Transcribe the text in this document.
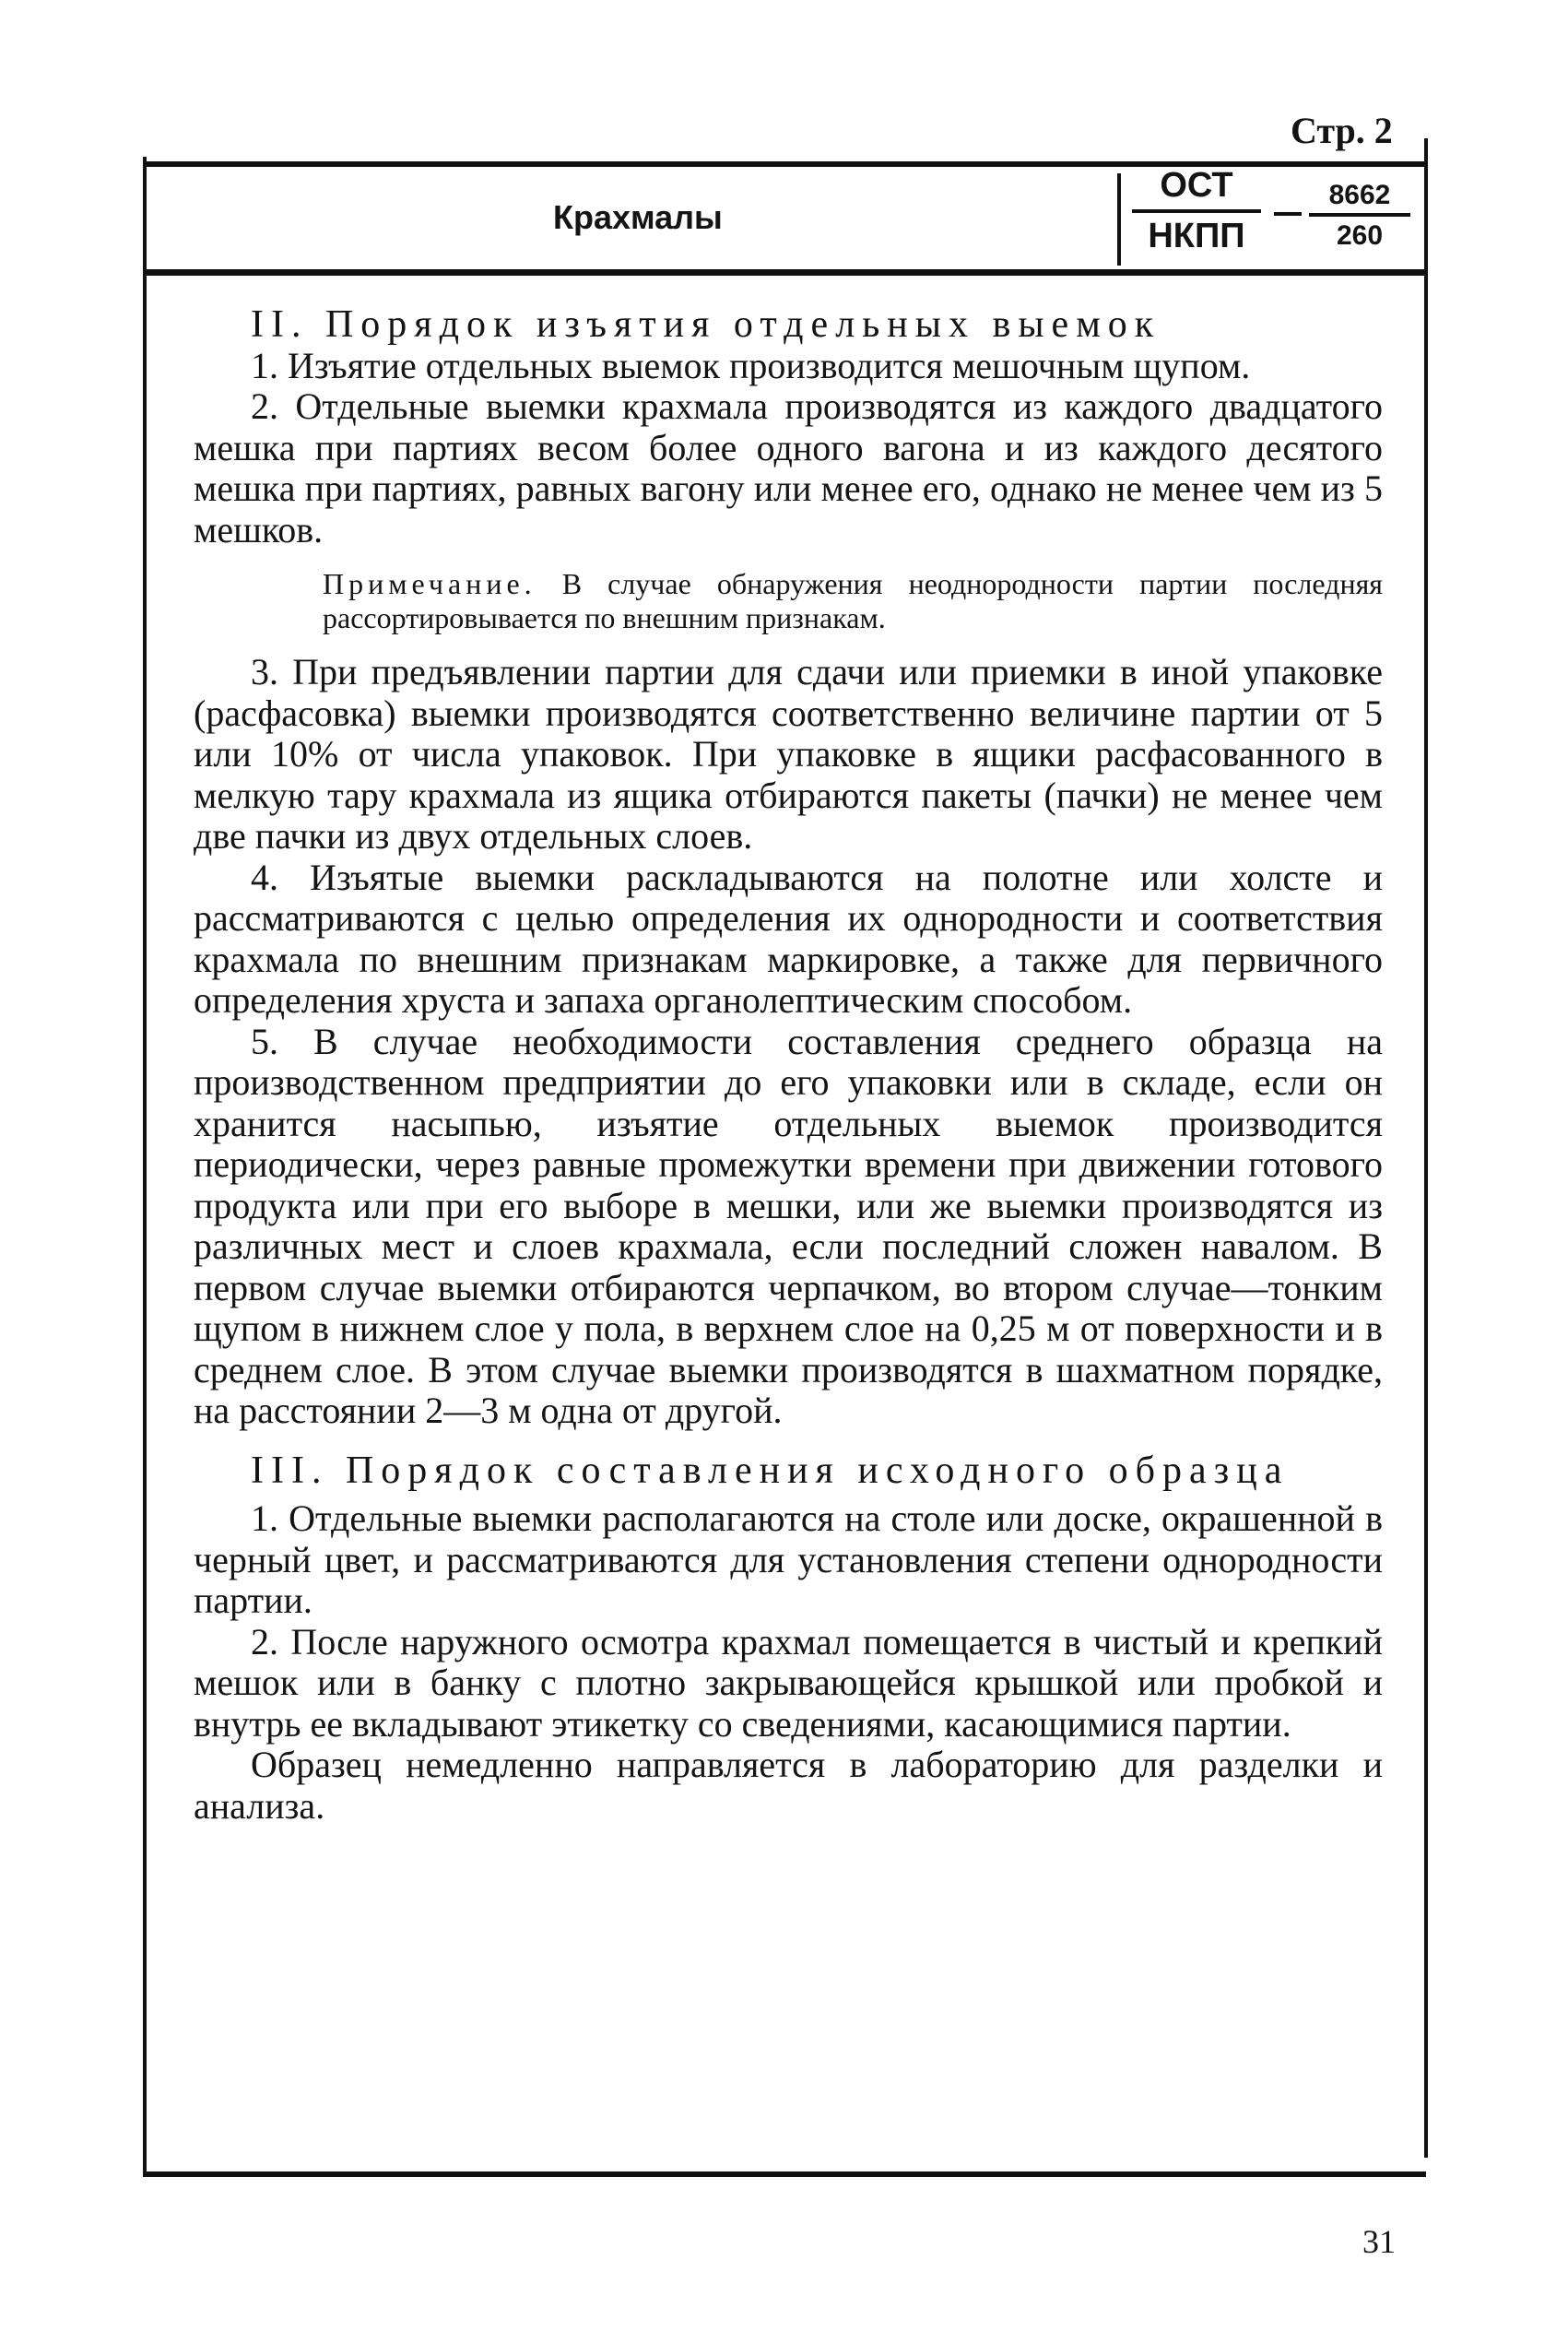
Стр. 2
Крахмалы
ОСТ
НКПП	$\frac{8662}{260}$

II. Порядок изъятия отдельных выемок

1. Изъятие отдельных выемок производится мешочным щупом.

2. Отдельные выемки крахмала производятся из каждого двадцатого мешка при партиях весом более одного вагона и из каждого десятого мешка при партиях, равных вагону или менее его, однако не менее чем из 5 мешков.

Примечание. В случае обнаружения неоднородности партии последняя рассортировывается по внешним признакам.

3. При предъявлении партии для сдачи или приемки в иной упаковке (расфасовка) выемки производятся соответственно величине партии от 5 или 10% от числа упаковок. При упаковке в ящики расфасованного в мелкую тару крахмала из ящика отбираются пакеты (пачки) не менее чем две пачки из двух отдельных слоев.

4. Изъятые выемки раскладываются на полотне или холсте и рассматриваются с целью определения их однородности и соответствия крахмала по внешним признакам маркировке, а также для первичного определения хруста и запаха органолептическим способом.

5. В случае необходимости составления среднего образца на производственном предприятии до его упаковки или в складе, если он хранится насыпью, изъятие отдельных выемок производится периодически, через равные промежутки времени при движении готового продукта или при его выборе в мешки, или же выемки производятся из различных мест и слоев крахмала, если последний сложен навалом. В первом случае выемки отбираются черпачком, во втором случае—тонким щупом в нижнем слое у пола, в верхнем слое на 0,25 м от поверхности и в среднем слое. В этом случае выемки производятся в шахматном порядке, на расстоянии 2—3 м одна от другой.

III. Порядок составления исходного образца

1. Отдельные выемки располагаются на столе или доске, окрашенной в черный цвет, и рассматриваются для установления степени однородности партии.

2. После наружного осмотра крахмал помещается в чистый и крепкий мешок или в банку с плотно закрывающейся крышкой или пробкой и внутрь ее вкладывают этикетку со сведениями, касающимися партии.

Образец немедленно направляется в лабораторию для разделки и анализа.

31
